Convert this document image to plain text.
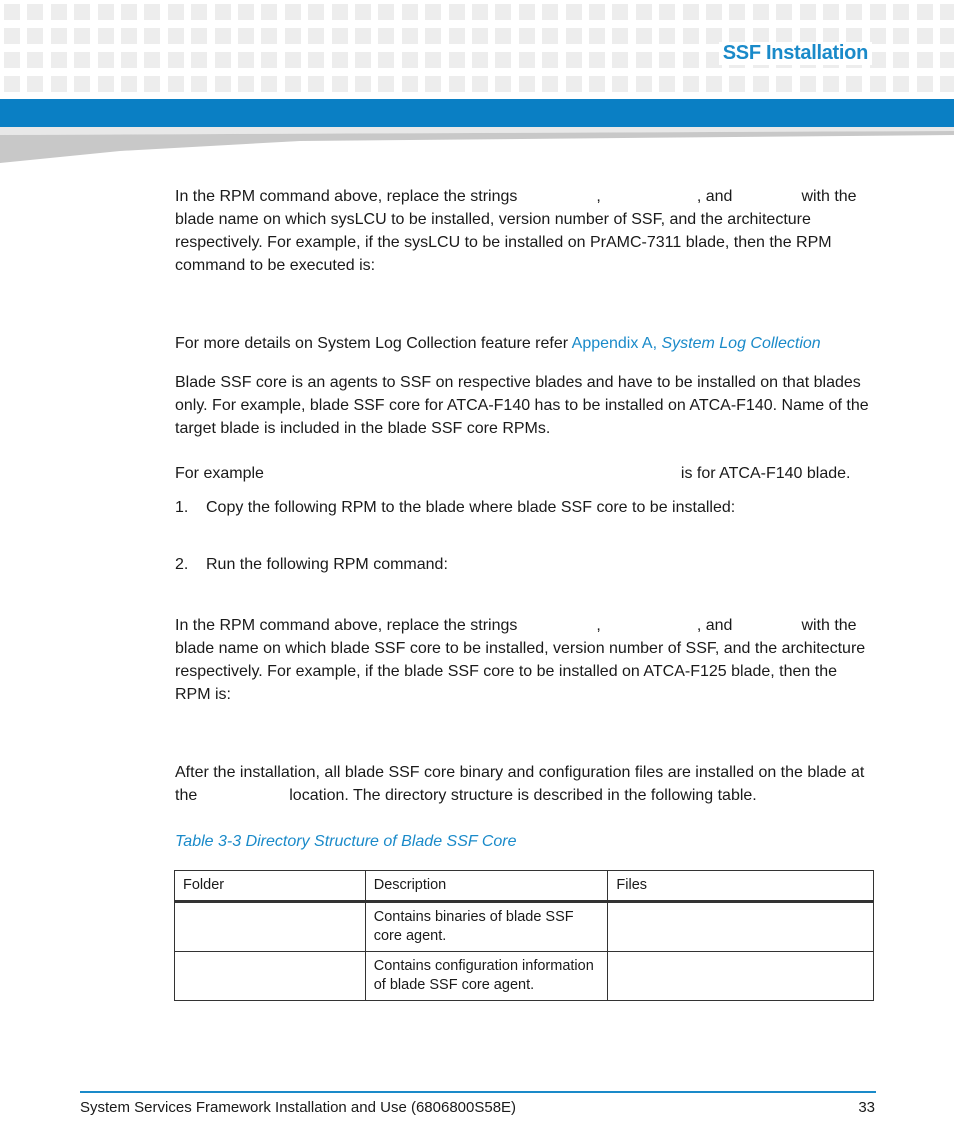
SSF Installation

In the RPM command above, replace the strings	,	, and	with the blade name on which sysLCU to be installed, version number of SSF, and the architecture respectively. For example, if the sysLCU to be installed on PrAMC-7311 blade, then the RPM command to be executed is:

For more details on System Log Collection feature refer Appendix A, System Log Collection

Blade SSF core is an agents to SSF on respective blades and have to be installed on that blades only. For example, blade SSF core for ATCA-F140 has to be installed on ATCA-F140. Name of the target blade is included in the blade SSF core RPMs.

For example	is for ATCA-F140 blade.

1. Copy the following RPM to the blade where blade SSF core to be installed:

2. Run the following RPM command:

In the RPM command above, replace the strings	,	, and	with the blade name on which blade SSF core to be installed, version number of SSF, and the architecture respectively. For example, if the blade SSF core to be installed on ATCA-F125 blade, then the RPM is:

After the installation, all blade SSF core binary and configuration files are installed on the blade at the	location. The directory structure is described in the following table.

Table 3-3 Directory Structure of Blade SSF Core
Folder	Description	Files
	Contains binaries of blade SSF core agent.	
	Contains configuration information of blade SSF core agent.	
System Services Framework Installation and Use (6806800S58E)	33
